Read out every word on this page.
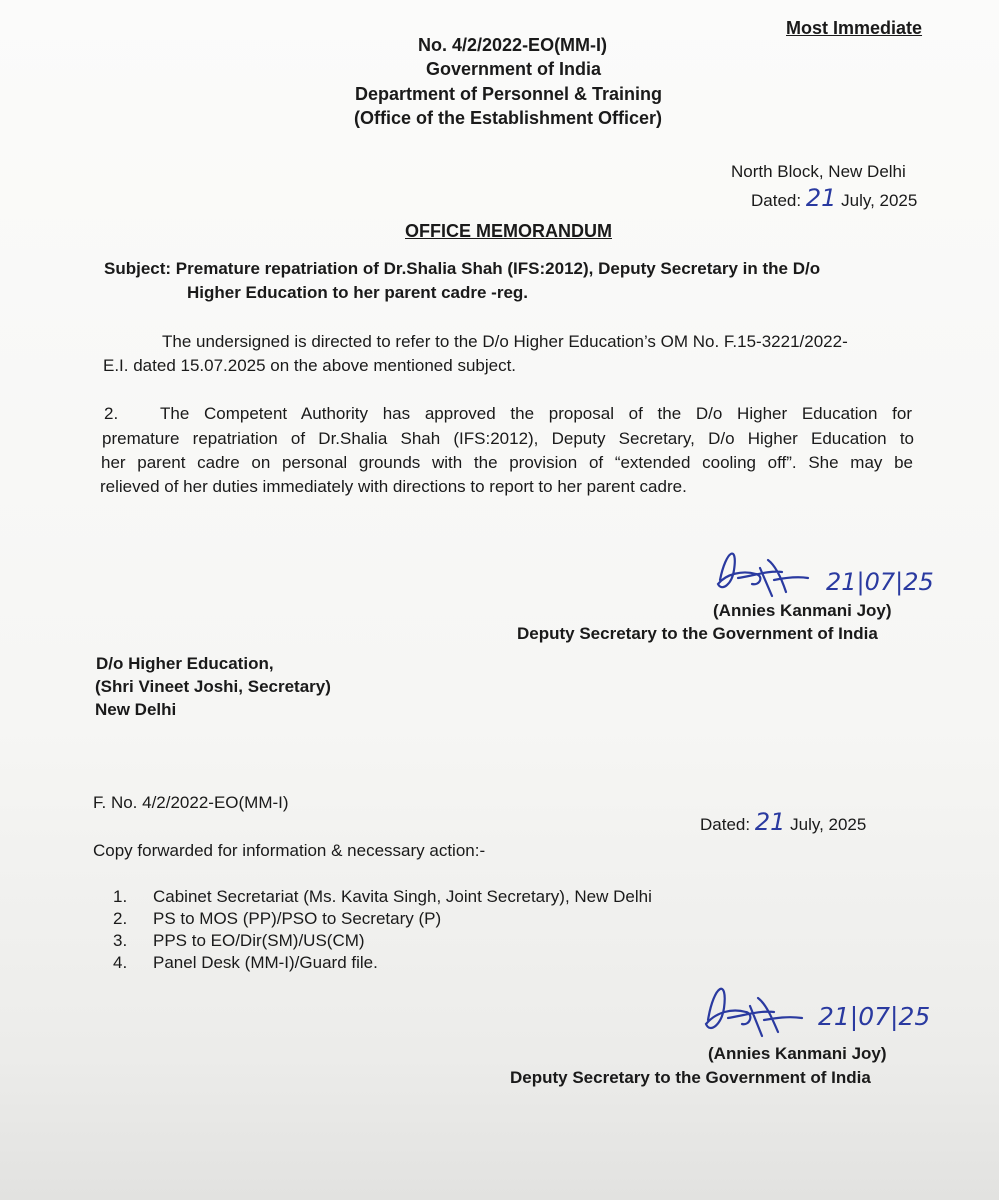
Most Immediate
No. 4/2/2022-EO(MM-I)
Government of India
Department of Personnel & Training
(Office of the Establishment Officer)
North Block, New Delhi
Dated: 21 July, 2025
OFFICE MEMORANDUM
Subject: Premature repatriation of Dr.Shalia Shah (IFS:2012), Deputy Secretary in the D/o
Higher Education to her parent cadre -reg.
The undersigned is directed to refer to the D/o Higher Education’s OM No. F.15-3221/2022-
E.I. dated 15.07.2025 on the above mentioned subject.
2. The Competent Authority has approved the proposal of the D/o Higher Education for
premature repatriation of Dr.Shalia Shah (IFS:2012), Deputy Secretary, D/o Higher Education to
her parent cadre on personal grounds with the provision of “extended cooling off”. She may be
relieved of her duties immediately with directions to report to her parent cadre.
21|07|25
(Annies Kanmani Joy)
Deputy Secretary to the Government of India
D/o Higher Education,
(Shri Vineet Joshi, Secretary)
New Delhi
F. No. 4/2/2022-EO(MM-I)
Dated: 21 July, 2025
Copy forwarded for information & necessary action:-
1.	Cabinet Secretariat (Ms. Kavita Singh, Joint Secretary), New Delhi
2.	PS to MOS (PP)/PSO to Secretary (P)
3.	PPS to EO/Dir(SM)/US(CM)
4.	Panel Desk (MM-I)/Guard file.
21|07|25
(Annies Kanmani Joy)
Deputy Secretary to the Government of India
